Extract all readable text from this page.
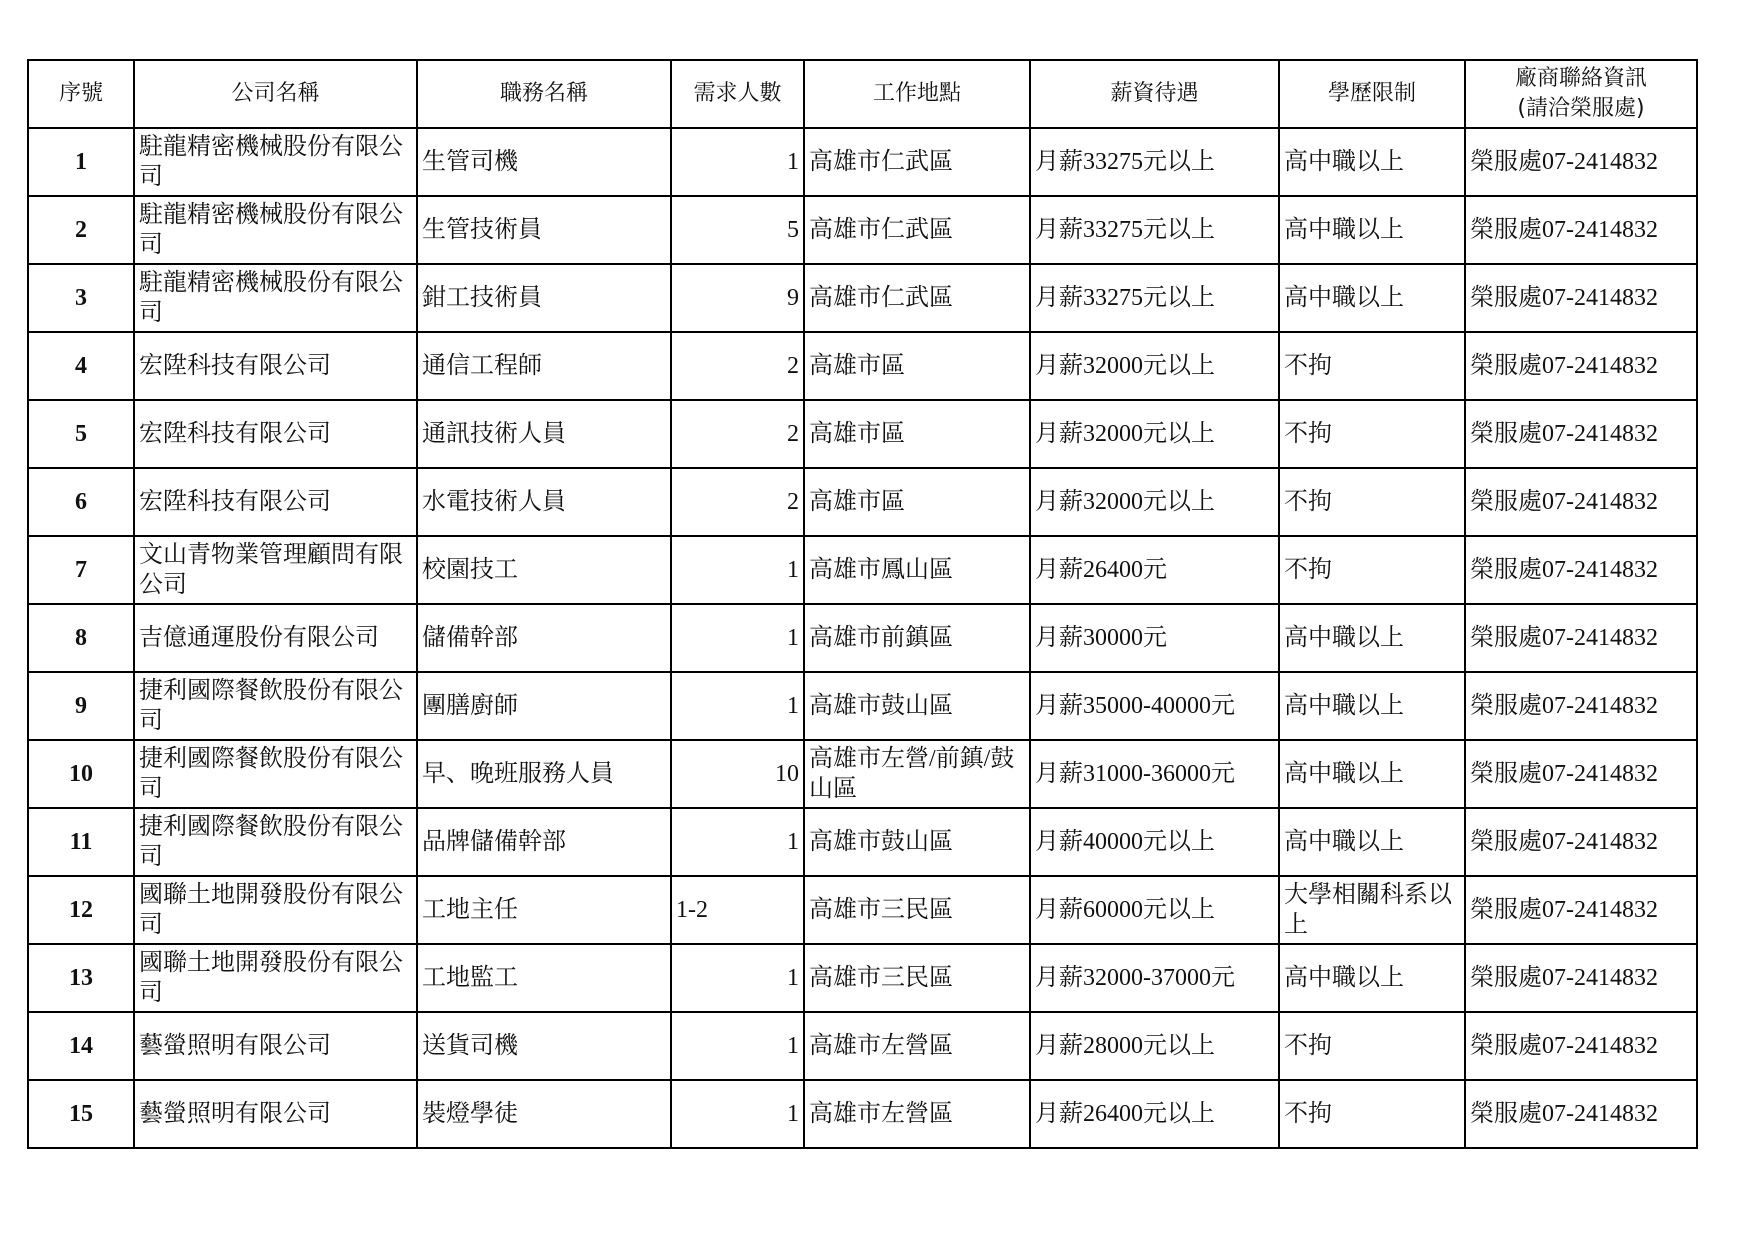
序號	公司名稱	職務名稱	需求人數	工作地點	薪資待遇	學歷限制	廠商聯絡資訊
(請洽榮服處)

1	駐龍精密機械股份有限公司	生管司機	1	高雄市仁武區	月薪33275元以上	高中職以上	榮服處07-2414832
2	駐龍精密機械股份有限公司	生管技術員	5	高雄市仁武區	月薪33275元以上	高中職以上	榮服處07-2414832
3	駐龍精密機械股份有限公司	鉗工技術員	9	高雄市仁武區	月薪33275元以上	高中職以上	榮服處07-2414832
4	宏陞科技有限公司	通信工程師	2	高雄市區	月薪32000元以上	不拘	榮服處07-2414832
5	宏陞科技有限公司	通訊技術人員	2	高雄市區	月薪32000元以上	不拘	榮服處07-2414832
6	宏陞科技有限公司	水電技術人員	2	高雄市區	月薪32000元以上	不拘	榮服處07-2414832
7	文山青物業管理顧問有限公司	校園技工	1	高雄市鳳山區	月薪26400元	不拘	榮服處07-2414832
8	吉億通運股份有限公司	儲備幹部	1	高雄市前鎮區	月薪30000元	高中職以上	榮服處07-2414832
9	捷利國際餐飲股份有限公司	團膳廚師	1	高雄市鼓山區	月薪35000-40000元	高中職以上	榮服處07-2414832
10	捷利國際餐飲股份有限公司	早、晚班服務人員	10	高雄市左營/前鎮/鼓山區	月薪31000-36000元	高中職以上	榮服處07-2414832
11	捷利國際餐飲股份有限公司	品牌儲備幹部	1	高雄市鼓山區	月薪40000元以上	高中職以上	榮服處07-2414832
12	國聯土地開發股份有限公司	工地主任	1-2	高雄市三民區	月薪60000元以上	大學相關科系以上	榮服處07-2414832
13	國聯土地開發股份有限公司	工地監工	1	高雄市三民區	月薪32000-37000元	高中職以上	榮服處07-2414832
14	藝螢照明有限公司	送貨司機	1	高雄市左營區	月薪28000元以上	不拘	榮服處07-2414832
15	藝螢照明有限公司	裝燈學徒	1	高雄市左營區	月薪26400元以上	不拘	榮服處07-2414832
